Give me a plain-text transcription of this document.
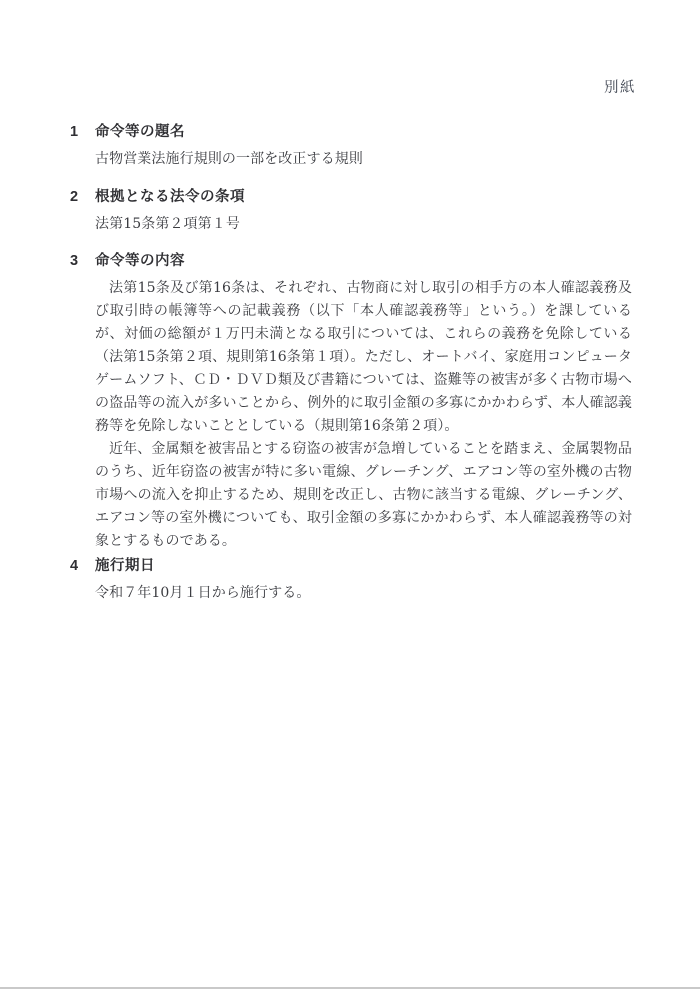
別紙
1 命令等の題名

古物営業法施行規則の一部を改正する規則

2 根拠となる法令の条項

法第15条第２項第１号

3 命令等の内容

法第15条及び第16条は、それぞれ、古物商に対し取引の相手方の本人確認義務及び取引時の帳簿等への記載義務（以下「本人確認義務等」という。）を課しているが、対価の総額が１万円未満となる取引については、これらの義務を免除している（法第15条第２項、規則第16条第１項）。ただし、オートバイ、家庭用コンピュータゲームソフト、ＣＤ・ＤＶＤ類及び書籍については、盗難等の被害が多く古物市場への盗品等の流入が多いことから、例外的に取引金額の多寡にかかわらず、本人確認義務等を免除しないこととしている（規則第16条第２項）。

近年、金属類を被害品とする窃盗の被害が急増していることを踏まえ、金属製物品のうち、近年窃盗の被害が特に多い電線、グレーチング、エアコン等の室外機の古物市場への流入を抑止するため、規則を改正し、古物に該当する電線、グレーチング、エアコン等の室外機についても、取引金額の多寡にかかわらず、本人確認義務等の対象とするものである。

4 施行期日

令和７年10月１日から施行する。
